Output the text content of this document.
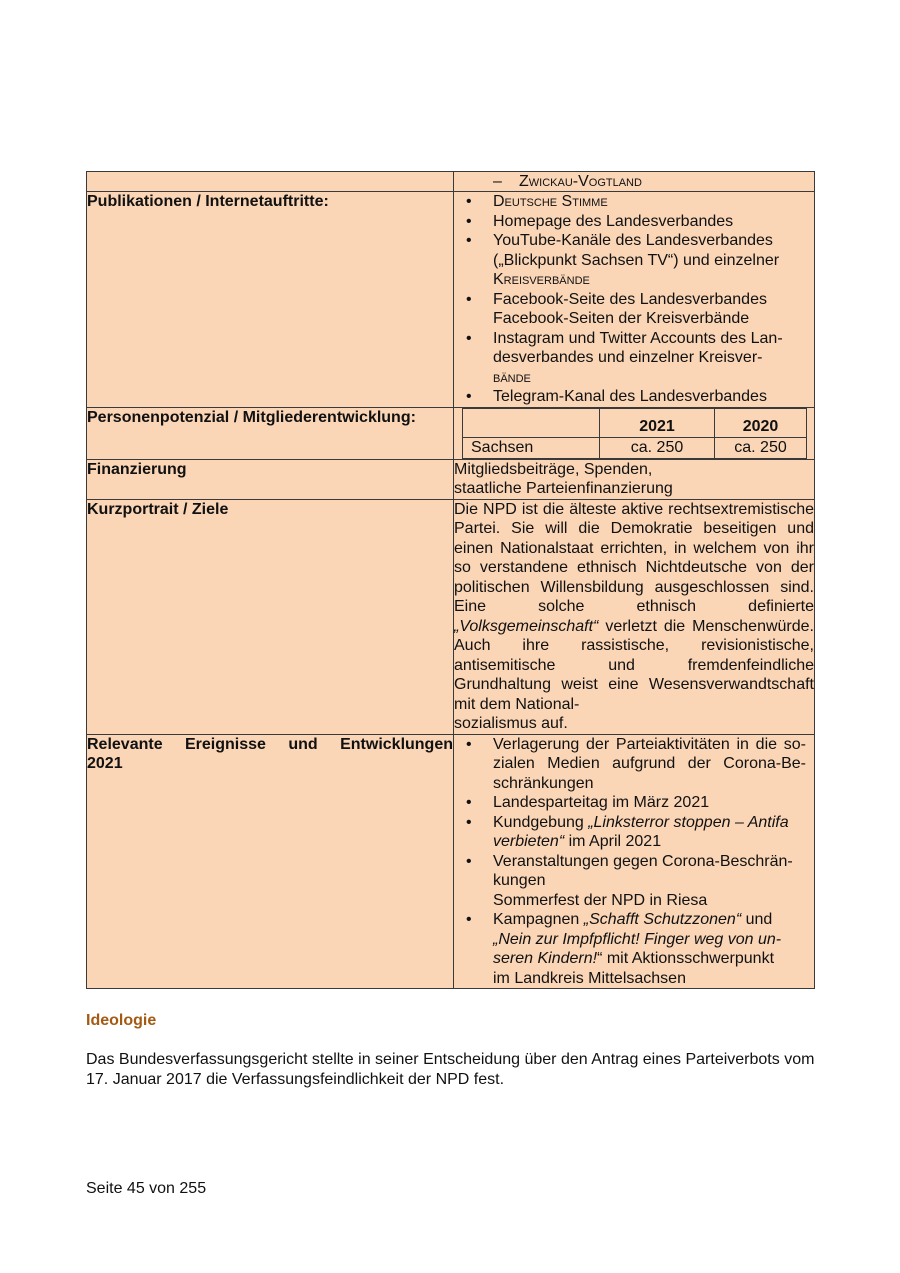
– Zwickau-Vogtland

Publikationen / Internetauftritte:	
•Deutsche Stimme
• Homepage des Landesverbandes
• YouTube-Kanäle des Landesverbandes
(„Blickpunkt Sachsen TV“) und einzelner
Kreisverbände
• Facebook-Seite des Landesverbandes
Facebook-Seiten der Kreisverbände
• Instagram und Twitter Accounts des Lan-
desverbandes und einzelner Kreisver-
bände
• Telegram-Kanal des Landesverbandes

Personenpotenzial / Mitgliederentwicklung:	
	2021	2020
Sachsen	ca. 250	ca. 250

Finanzierung	Mitgliedsbeiträge, Spenden,
staatliche Parteienfinanzierung

Kurzportrait / Ziele	Die NPD ist die älteste aktive rechtsextremistische Partei. Sie will die Demokratie beseitigen und einen Nationalstaat errichten, in welchem von ihr so verstandene ethnisch Nichtdeutsche von der politischen Willensbildung ausgeschlossen sind. Eine solche ethnisch definierte „Volksgemeinschaft“ verletzt die Menschenwürde. Auch ihre rassistische, revisionistische, antisemitische und fremdenfeindliche Grundhaltung weist eine Wesensverwandtschaft mit dem National-
sozialismus auf.

Relevante Ereignisse und Entwicklungen
2021

• Verlagerung der Parteiaktivitäten in die so-
zialen Medien aufgrund der Corona-Be-
schränkungen
• Landesparteitag im März 2021
• Kundgebung „Linksterror stoppen – Antifa
verbieten“ im April 2021
• Veranstaltungen gegen Corona-Beschrän-
kungen
Sommerfest der NPD in Riesa
• Kampagnen „Schafft Schutzzonen“ und
„Nein zur Impfpflicht! Finger weg von un-
seren Kindern!“ mit Aktionsschwerpunkt
im Landkreis Mittelsachsen
Ideologie
Das Bundesverfassungsgericht stellte in seiner Entscheidung über den Antrag eines Parteiverbots vom 17. Januar 2017 die Verfassungsfeindlichkeit der NPD fest.
Seite 45 von 255
